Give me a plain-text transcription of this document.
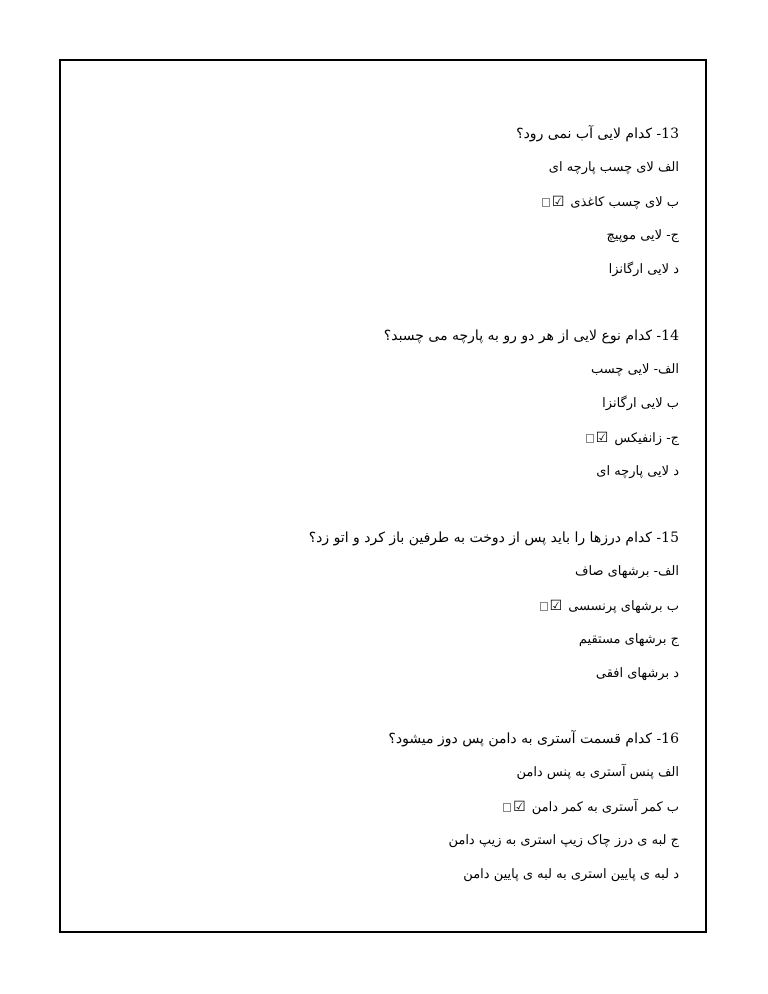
13- کدام لایی آب نمی رود؟
الف لای چسب پارچه ای
ب لای چسب کاغذی☑
ج- لایی موپیچ
د لایی ارگانزا
14- کدام نوع لایی از هر دو رو به پارچه می چسبد؟
الف- لایی چسب
ب لایی ارگانزا
ج- زانفیکس☑
د لایی پارچه ای
15- کدام درزها را باید پس از دوخت به طرفین باز کرد و اتو زد؟
الف- برشهای صاف
ب برشهای پرنسسی☑
ج برشهای مستقیم
د برشهای افقی
16- کدام قسمت آستری به دامن پس دوز میشود؟
الف پنس آستری به پنس دامن
ب کمر آستری به کمر دامن☑
ج لبه ی درز چاک زیپ استری به زیپ دامن
د لبه ی پایین استری به لبه ی پایین دامن
